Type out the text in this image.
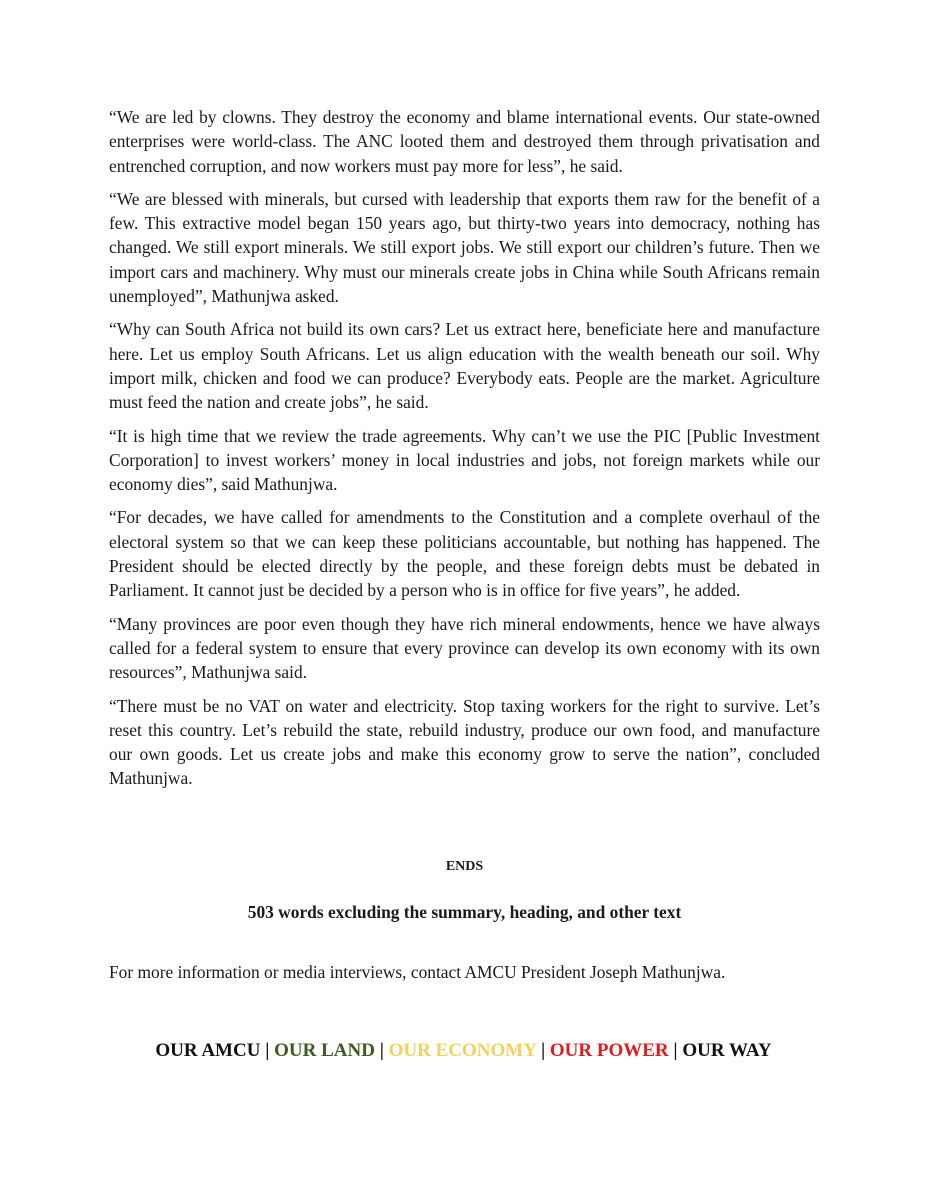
“We are led by clowns. They destroy the economy and blame international events. Our state-owned enterprises were world-class. The ANC looted them and destroyed them through privatisation and entrenched corruption, and now workers must pay more for less”, he said.

“We are blessed with minerals, but cursed with leadership that exports them raw for the benefit of a few. This extractive model began 150 years ago, but thirty-two years into democracy, nothing has changed. We still export minerals. We still export jobs. We still export our children’s future. Then we import cars and machinery. Why must our minerals create jobs in China while South Africans remain unemployed”, Mathunjwa asked.

“Why can South Africa not build its own cars? Let us extract here, beneficiate here and manufacture here. Let us employ South Africans. Let us align education with the wealth beneath our soil. Why import milk, chicken and food we can produce? Everybody eats. People are the market. Agriculture must feed the nation and create jobs”, he said.

“It is high time that we review the trade agreements. Why can’t we use the PIC [Public Investment Corporation] to invest workers’ money in local industries and jobs, not foreign markets while our economy dies”, said Mathunjwa.

“For decades, we have called for amendments to the Constitution and a complete overhaul of the electoral system so that we can keep these politicians accountable, but nothing has happened. The President should be elected directly by the people, and these foreign debts must be debated in Parliament. It cannot just be decided by a person who is in office for five years”, he added.

“Many provinces are poor even though they have rich mineral endowments, hence we have always called for a federal system to ensure that every province can develop its own economy with its own resources”, Mathunjwa said.

“There must be no VAT on water and electricity. Stop taxing workers for the right to survive. Let’s reset this country. Let’s rebuild the state, rebuild industry, produce our own food, and manufacture our own goods. Let us create jobs and make this economy grow to serve the nation”, concluded Mathunjwa.

ENDS
503 words excluding the summary, heading, and other text
For more information or media interviews, contact AMCU President Joseph Mathunjwa.
OUR AMCU | OUR LAND | OUR ECONOMY | OUR POWER | OUR WAY
